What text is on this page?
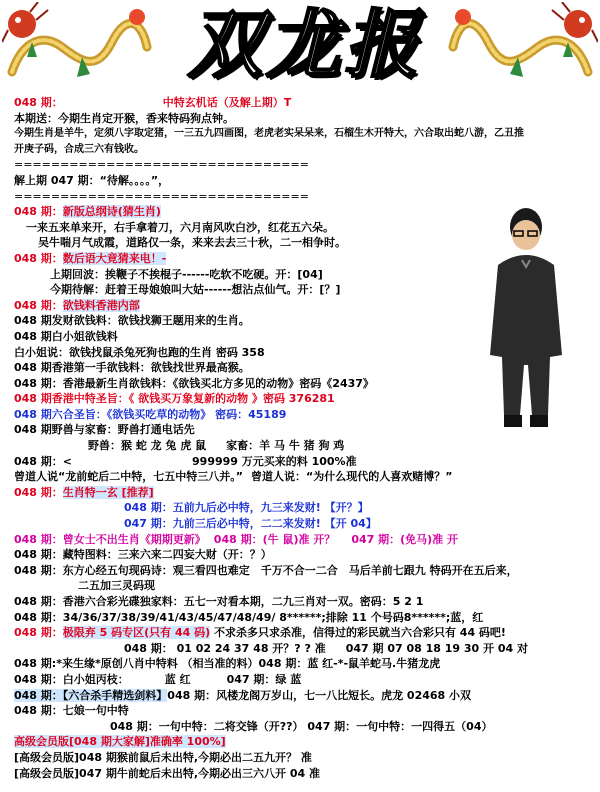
双龙报
048 期：	中特玄机话（及解上期）T
本期送：今期生肖定开猴，香来特码狗点钟。
今期生肖是羊牛，定须八字取定猪，一三五九四画图，老虎老实呆呆来，石榴生木开特大，六合取出蛇八游，乙丑推
开庚子码，合成三六有钱收。
================================
解上期 047 期：“待解。。。。”，
================================
048 期：新版总纲诗(猜生肖)
一来五来单来开，右手拿着刀，六月南风吹白沙，红花五六朵。
吴牛喘月气成霞，道路仅一条，来来去去三十秋，二一相争时。
048 期：数后语大竟猜来电！-
上期回波：挨鞭子不挨棍子------吃软不吃硬。开：[04]
今期待解：赶着王母娘娘叫大姑------想沾点仙气。开：[？]
048 期：欲钱料香港内部
048 期发财欲钱料：欲钱找狮王题用来的生肖。
048 期白小姐欲钱料
白小姐说：欲钱找鼠杀兔死狗也跑的生肖 密码 358
048 期香港第一手欲钱料：欲钱找世界最高猴。
048 期：香港最新生肖欲钱料：《欲钱买北方多见的动物》密码《2437》
048 期香港中特圣旨：《 欲钱买万象复新的动物 》密码 376281
048 期六合圣旨：《欲钱买吃草的动物》 密码：45189
048 期野兽与家畜：野兽打通电话先
野兽：猴 蛇 龙 兔 虎 鼠 家畜：羊 马 牛 猪 狗 鸡
048 期：<	999999 万元买来的料 100%准
曾道人说“龙前蛇后二中特，七五中特三八并。” 曾道人说：“为什么现代的人喜欢赌博？”
048 期：生肖特一玄 [推荐]
048 期：五前九后必中特，九三来发财! 【开？】
047 期：九前三后必中特，二二来发财! 【开 04】
048 期：曾女士不出生肖《期期更新》 048 期：(牛 鼠)准 开？ 047 期：(免马)准 开
048 期：藏特图料：三来六来二四妄大财（开：？）
048 期：东方心经五句现码诗：观三看四也难定　千万不合一二合　马后羊前七跟九 特码开在五后来，
二五加三灵码现
048 期：香港六合彩光碟独家料：五七一对看本期，二九三肖对一双。密码：5 2 1
048 期：34/36/37/38/39/41/43/45/47/48/49/ 8******;排除 11 个号码8******;蓝，红
048 期：极限弃 5 码专区(只有 44 码) 不求杀多只求杀准，信得过的彩民就当六合彩只有 44 码吧!
048 期： 01 02 24 37 48 开？? ? 准 047 期 07 08 18 19 30 开 04 对
048 期:*来生缘*原创八肖中特料 （相当准的料）048 期：蓝 红-*-鼠羊蛇马.牛猪龙虎
048 期：白小姐丙枝：	蓝 红	047 期：绿 蓝
048 期：【六合杀手精选剑料】048 期：风楼龙阁万岁山，七一八比短长。虎龙 02468 小双
048 期：七娘一句中特
048 期：一句中特：二将交锋（开??） 047 期：一句中特：一四得五（04）
高级会员版[048 期大家解]准确率 100%]
[高级会员版]048 期猴前鼠后未出特,今期必出二五九开？ 准
[高级会员版]047 期牛前蛇后未出特,今期必出三六八开 04 准
